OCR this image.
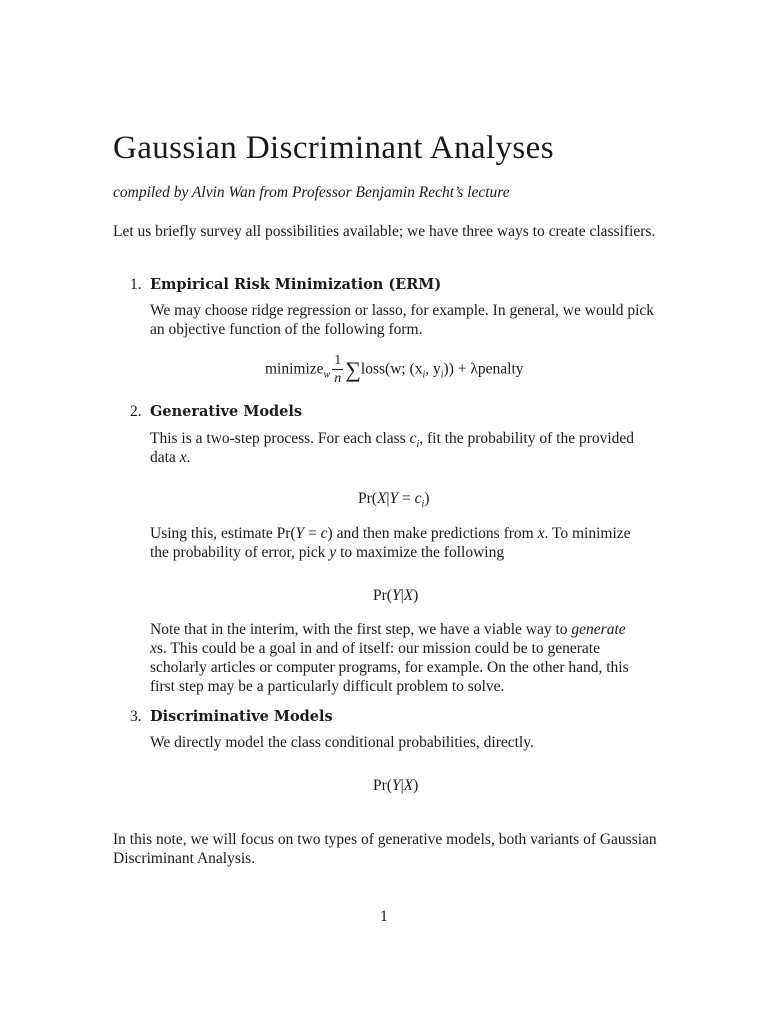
Gaussian Discriminant Analyses
compiled by Alvin Wan from Professor Benjamin Recht’s lecture
Let us briefly survey all possibilities available; we have three ways to create classifiers.
1. Empirical Risk Minimization (ERM)
We may choose ridge regression or lasso, for example. In general, we would pick
an objective function of the following form.
minimize$_w$ $\frac{1}{n}$ ∑loss(w; ($x_i$, $y_i$)) + λpenalty
2. Generative Models
This is a two-step process. For each class $c_i$, fit the probability of the provided
data x.
$Pr(X|Y = c_i)$
Using this, estimate Pr(Y = c) and then make predictions from x. To minimize
the probability of error, pick y to maximize the following
Pr(Y|X)
Note that in the interim, with the first step, we have a viable way to generate
xs. This could be a goal in and of itself: our mission could be to generate
scholarly articles or computer programs, for example. On the other hand, this
first step may be a particularly difficult problem to solve.
3. Discriminative Models
We directly model the class conditional probabilities, directly.
Pr(Y|X)
In this note, we will focus on two types of generative models, both variants of Gaussian
Discriminant Analysis.
1
